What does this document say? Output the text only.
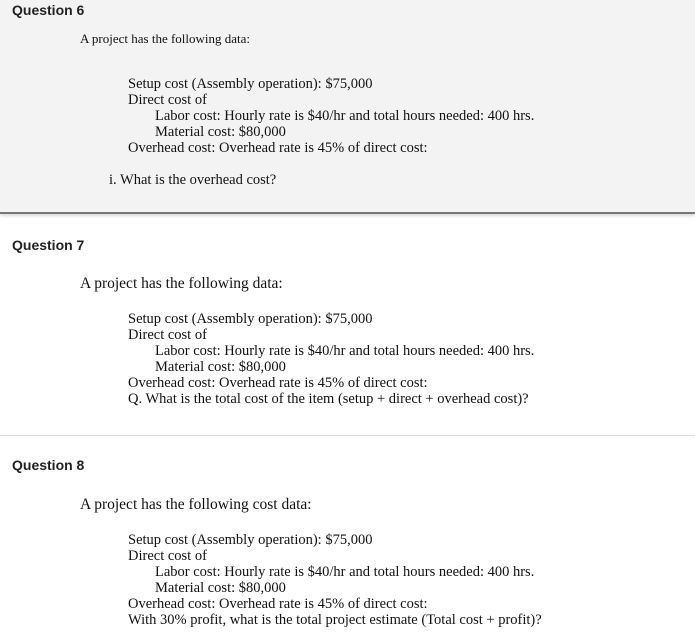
Question 6
A project has the following data:
Setup cost (Assembly operation): $75,000
Direct cost of
Labor cost: Hourly rate is $40/hr and total hours needed: 400 hrs.
Material cost: $80,000
Overhead cost: Overhead rate is 45% of direct cost:
i. What is the overhead cost?
Question 7
A project has the following data:
Setup cost (Assembly operation): $75,000
Direct cost of
Labor cost: Hourly rate is $40/hr and total hours needed: 400 hrs.
Material cost: $80,000
Overhead cost: Overhead rate is 45% of direct cost:
Q. What is the total cost of the item (setup + direct + overhead cost)?
Question 8
A project has the following cost data:
Setup cost (Assembly operation): $75,000
Direct cost of
Labor cost: Hourly rate is $40/hr and total hours needed: 400 hrs.
Material cost: $80,000
Overhead cost: Overhead rate is 45% of direct cost:
With 30% profit, what is the total project estimate (Total cost + profit)?
